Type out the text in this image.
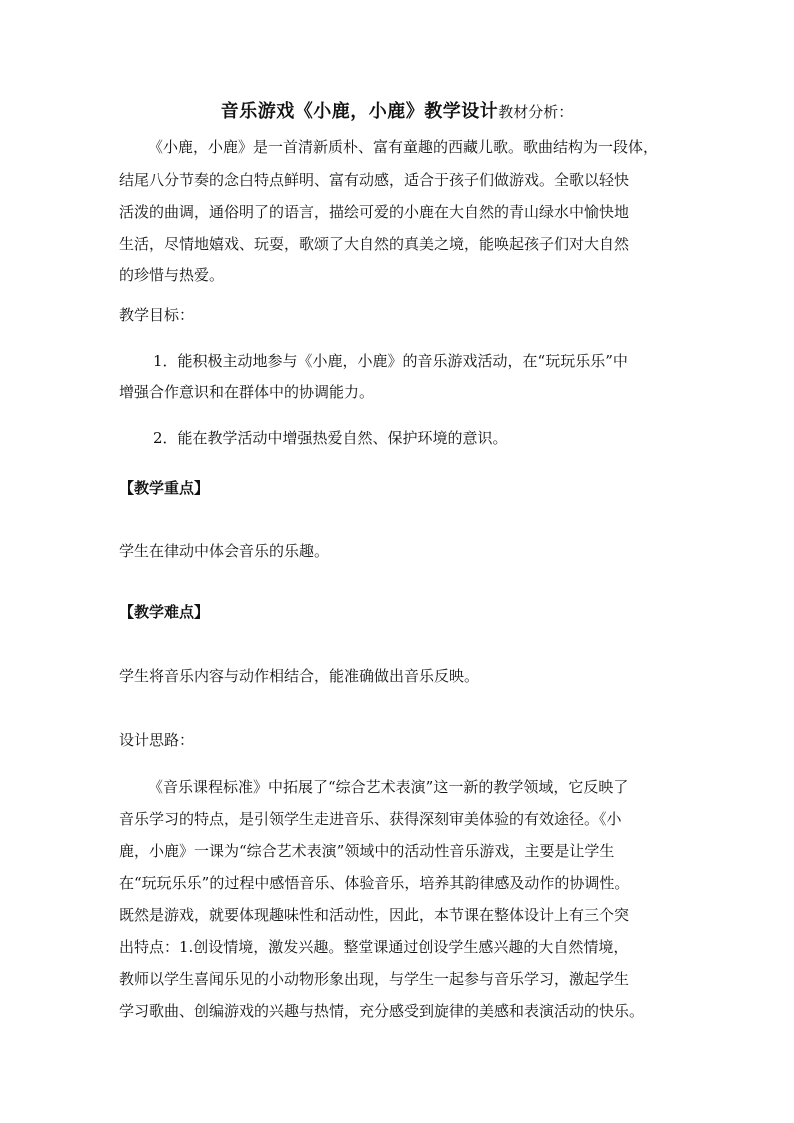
音乐游戏《小鹿，小鹿》教学设计教材分析：
《小鹿，小鹿》是一首清新质朴、富有童趣的西藏儿歌。歌曲结构为一段体，
结尾八分节奏的念白特点鲜明、富有动感，适合于孩子们做游戏。全歌以轻快
活泼的曲调，通俗明了的语言，描绘可爱的小鹿在大自然的青山绿水中愉快地
生活，尽情地嬉戏、玩耍，歌颂了大自然的真美之境，能唤起孩子们对大自然
的珍惜与热爱。
教学目标：
1．能积极主动地参与《小鹿，小鹿》的音乐游戏活动，在“玩玩乐乐”中
增强合作意识和在群体中的协调能力。
2．能在教学活动中增强热爱自然、保护环境的意识。
【教学重点】
学生在律动中体会音乐的乐趣。
【教学难点】
学生将音乐内容与动作相结合，能准确做出音乐反映。
设计思路：
《音乐课程标准》中拓展了“综合艺术表演”这一新的教学领域，它反映了
音乐学习的特点，是引领学生走进音乐、获得深刻审美体验的有效途径。《小
鹿，小鹿》一课为“综合艺术表演”领域中的活动性音乐游戏，主要是让学生
在“玩玩乐乐”的过程中感悟音乐、体验音乐，培养其韵律感及动作的协调性。
既然是游戏，就要体现趣味性和活动性，因此，本节课在整体设计上有三个突
出特点：1.创设情境，激发兴趣。整堂课通过创设学生感兴趣的大自然情境，
教师以学生喜闻乐见的小动物形象出现，与学生一起参与音乐学习，激起学生
学习歌曲、创编游戏的兴趣与热情，充分感受到旋律的美感和表演活动的快乐。
